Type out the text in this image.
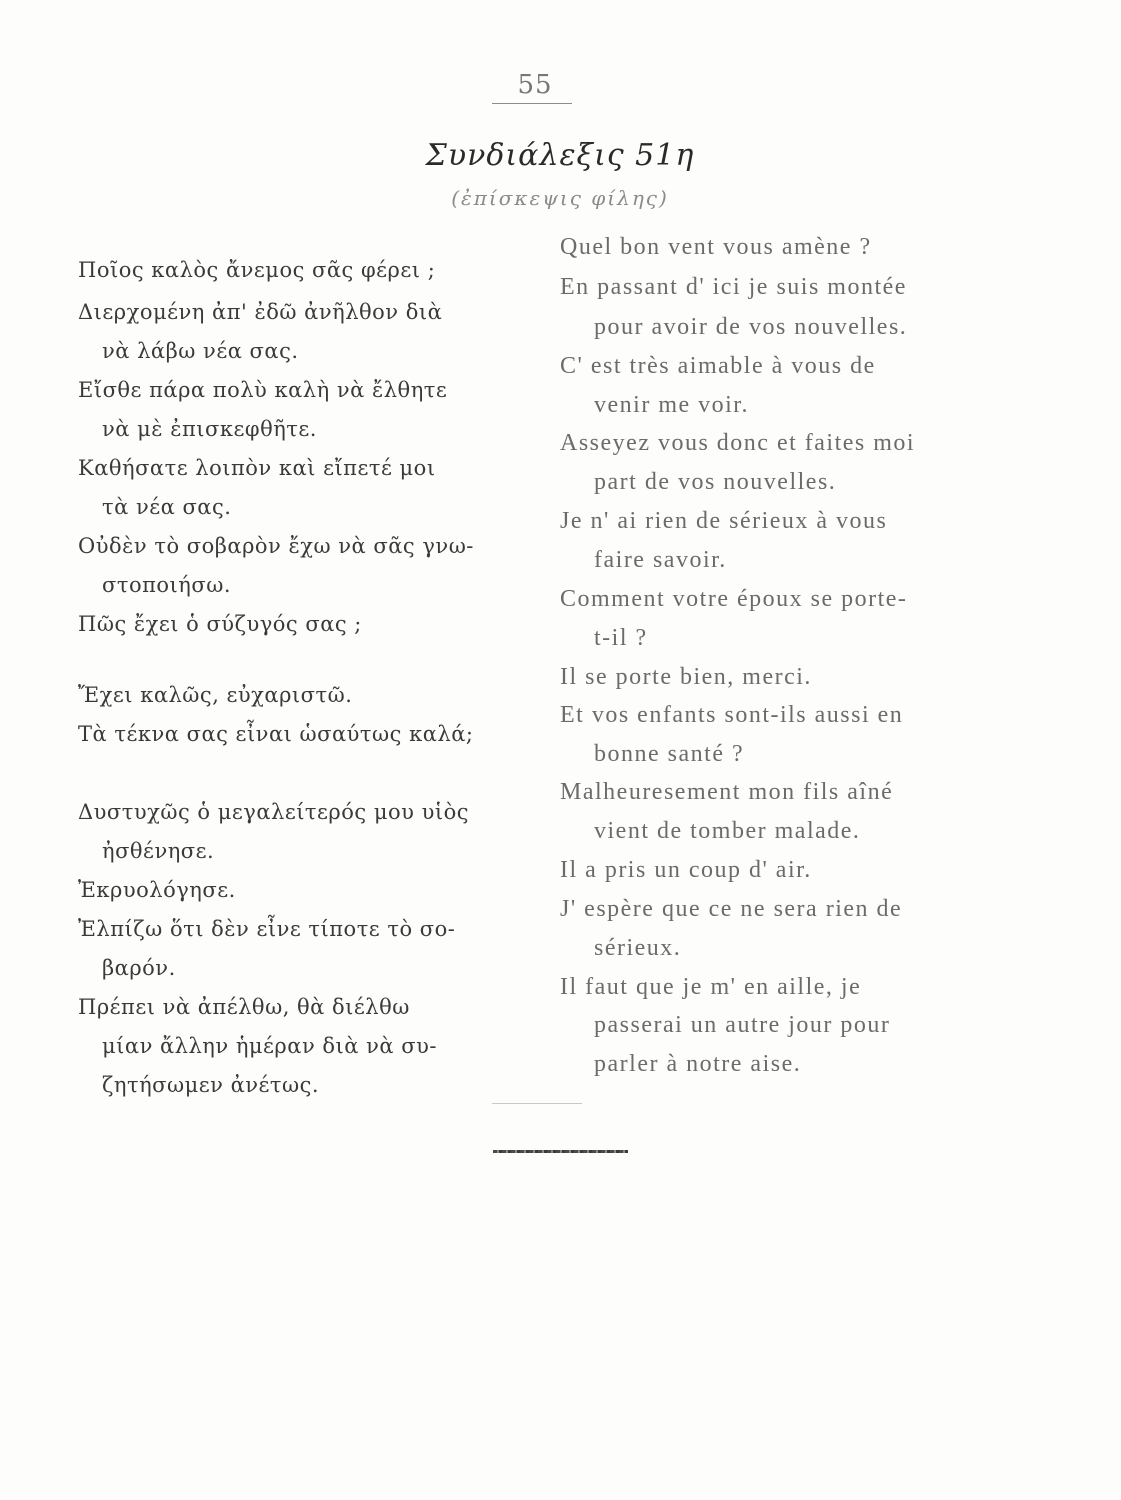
55
Συνδιάλεξις 51η
(ἐπίσκεψις φίλης)
Ποῖος καλὸς ἄνεμος σᾶς φέρει ;
Διερχομένη ἀπ' ἐδῶ ἀνῆλθον διὰ
νὰ λάβω νέα σας.
Εἴσθε πάρα πολὺ καλὴ νὰ ἔλθητε
νὰ μὲ ἐπισκεφθῆτε.
Καθήσατε λοιπὸν καὶ εἴπετέ μοι
τὰ νέα σας.
Οὐδὲν τὸ σοβαρὸν ἔχω νὰ σᾶς γνω-
στοποιήσω.
Πῶς ἔχει ὁ σύζυγός σας ;
Ἔχει καλῶς, εὐχαριστῶ.
Τὰ τέκνα σας εἶναι ὡσαύτως καλά;
Δυστυχῶς ὁ μεγαλείτερός μου υἱὸς
ἠσθένησε.
Ἐκρυολόγησε.
Ἐλπίζω ὅτι δὲν εἶνε τίποτε τὸ σο-
βαρόν.
Πρέπει νὰ ἀπέλθω, θὰ διέλθω
μίαν ἄλλην ἡμέραν διὰ νὰ συ-
ζητήσωμεν ἀνέτως.
Quel bon vent vous amène ?
En passant d' ici je suis montée
pour avoir de vos nouvelles.
C' est très aimable à vous de
venir me voir.
Asseyez vous donc et faites moi
part de vos nouvelles.
Je n' ai rien de sérieux à vous
faire savoir.
Comment votre époux se porte-
t-il ?
Il se porte bien, merci.
Et vos enfants sont-ils aussi en
bonne santé ?
Malheuresement mon fils aîné
vient de tomber malade.
Il a pris un coup d' air.
J' espère que ce ne sera rien de
sérieux.
Il faut que je m' en aille, je
passerai un autre jour pour
parler à notre aise.
